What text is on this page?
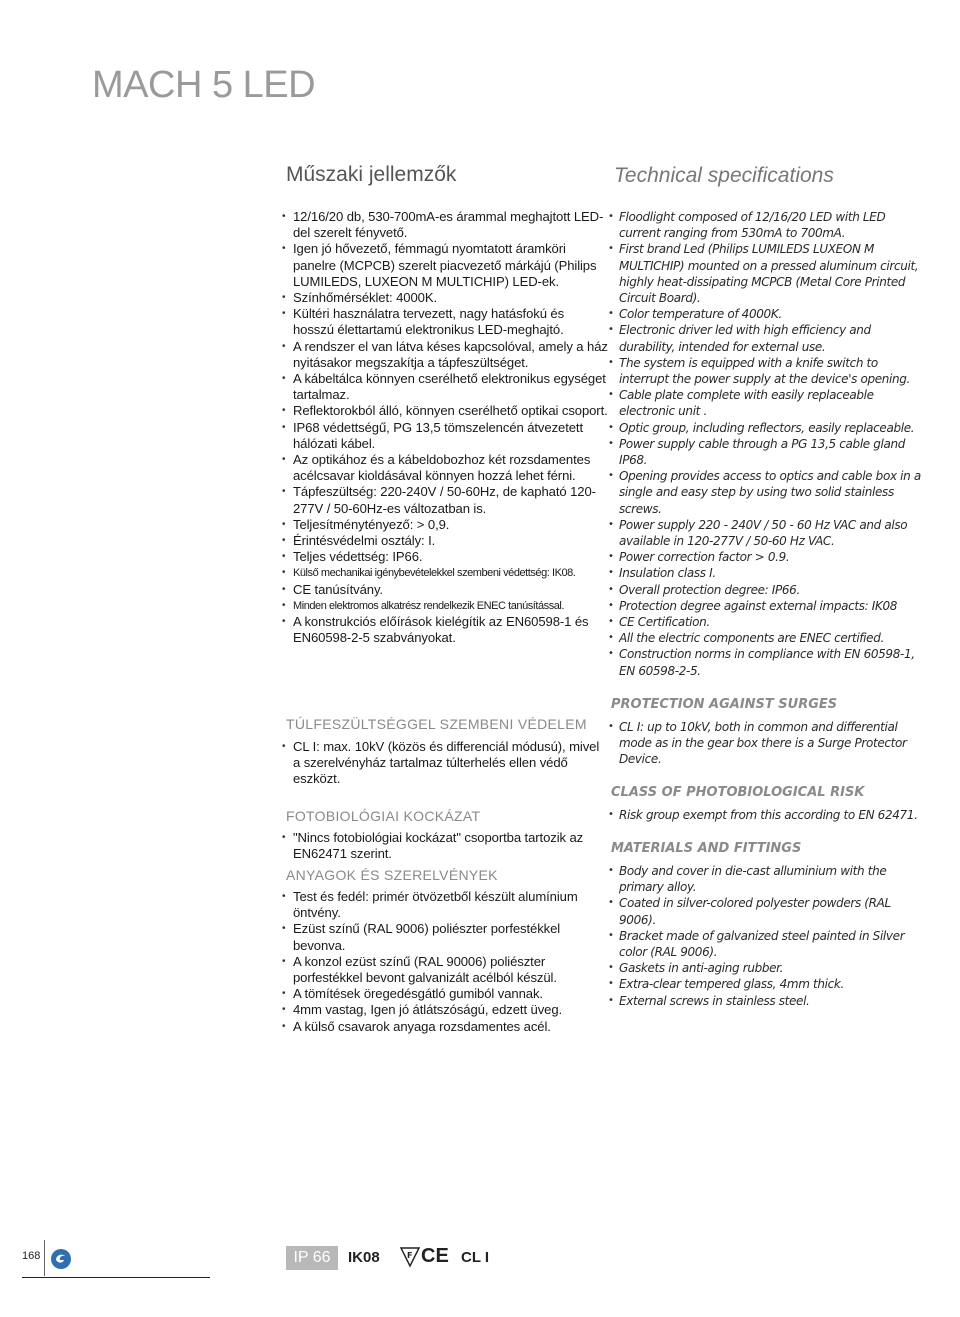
MACH 5 LED
Műszaki jellemzők
• 12/16/20 db, 530-700mA-es árammal meghajtott LED-del szerelt fényvető.
• Igen jó hővezető, fémmagú nyomtatott áramköri panelre (MCPCB) szerelt piacvezető márkájú (Philips LUMILEDS, LUXEON M MULTICHIP) LED-ek.
• Színhőmérséklet: 4000K.
• Kültéri használatra tervezett, nagy hatásfokú és hosszú élettartamú elektronikus LED-meghajtó.
• A rendszer el van látva késes kapcsolóval, amely a ház nyitásakor megszakítja a tápfeszültséget.
• A kábeltálca könnyen cserélhető elektronikus egységet tartalmaz.
• Reflektorokból álló, könnyen cserélhető optikai csoport.
• IP68 védettségű, PG 13,5 tömszelencén átvezetett hálózati kábel.
• Az optikához és a kábeldobozhoz két rozsdamentes acélcsavar kioldásával könnyen hozzá lehet férni.
• Tápfeszültség: 220-240V / 50-60Hz, de kapható 120-277V / 50-60Hz-es változatban is.
• Teljesítménytényező: > 0,9.
• Érintésvédelmi osztály: I.
• Teljes védettség: IP66.
• Külső mechanikai igénybevételekkel szembeni védettség: IK08.
• CE tanúsítvány.
• Minden elektromos alkatrész rendelkezik ENEC tanúsítással.
• A konstrukciós előírások kielégítik az EN60598-1 és EN60598-2-5 szabványokat.
TÚLFESZÜLTSÉGGEL SZEMBENI VÉDELEM
• CL I: max. 10kV (közös és differenciál módusú), mivel a szerelvényház tartalmaz túlterhelés ellen védő eszközt.
FOTOBIOLÓGIAI KOCKÁZAT
• "Nincs fotobiológiai kockázat" csoportba tartozik az EN62471 szerint.
ANYAGOK ÉS SZERELVÉNYEK
• Test és fedél: primér ötvözetből készült alumínium öntvény.
• Ezüst színű (RAL 9006) poliészter porfestékkel bevonva.
• A konzol ezüst színű (RAL 90006) poliészter porfestékkel bevont galvanizált acélból készül.
• A tömítések öregedésgátló gumiból vannak.
• 4mm vastag, Igen jó átlátszóságú, edzett üveg.
• A külső csavarok anyaga rozsdamentes acél.
Technical specifications
• Floodlight composed of 12/16/20 LED with LED current ranging from 530mA to 700mA.
• First brand Led (Philips LUMILEDS LUXEON M MULTICHIP) mounted on a pressed aluminum circuit, highly heat-dissipating MCPCB (Metal Core Printed Circuit Board).
• Color temperature of 4000K.
• Electronic driver led with high efficiency and durability, intended for external use.
• The system is equipped with a knife switch to interrupt the power supply at the device's opening.
• Cable plate complete with easily replaceable electronic unit .
• Optic group, including reflectors, easily replaceable.
• Power supply cable through a PG 13,5 cable gland IP68.
• Opening provides access to optics and cable box in a single and easy step by using two solid stainless screws.
• Power supply 220 - 240V / 50 - 60 Hz VAC and also available in 120-277V / 50-60 Hz VAC.
• Power correction factor > 0.9.
• Insulation class I.
• Overall protection degree: IP66.
• Protection degree against external impacts: IK08
• CE Certification.
• All the electric components are ENEC certified.
• Construction norms in compliance with EN 60598-1, EN 60598-2-5.
PROTECTION AGAINST SURGES
• CL I: up to 10kV, both in common and differential mode as in the gear box there is a Surge Protector Device.
CLASS OF PHOTOBIOLOGICAL RISK
• Risk group exempt from this according to EN 62471.
MATERIALS AND FITTINGS
• Body and cover in die-cast alluminium with the primary alloy.
• Coated in silver-colored polyester powders (RAL 9006).
• Bracket made of galvanized steel painted in Silver color (RAL 9006).
• Gaskets in anti-aging rubber.
• Extra-clear tempered glass, 4mm thick.
• External screws in stainless steel.
168	IP 66	IK08	F CE CL I
